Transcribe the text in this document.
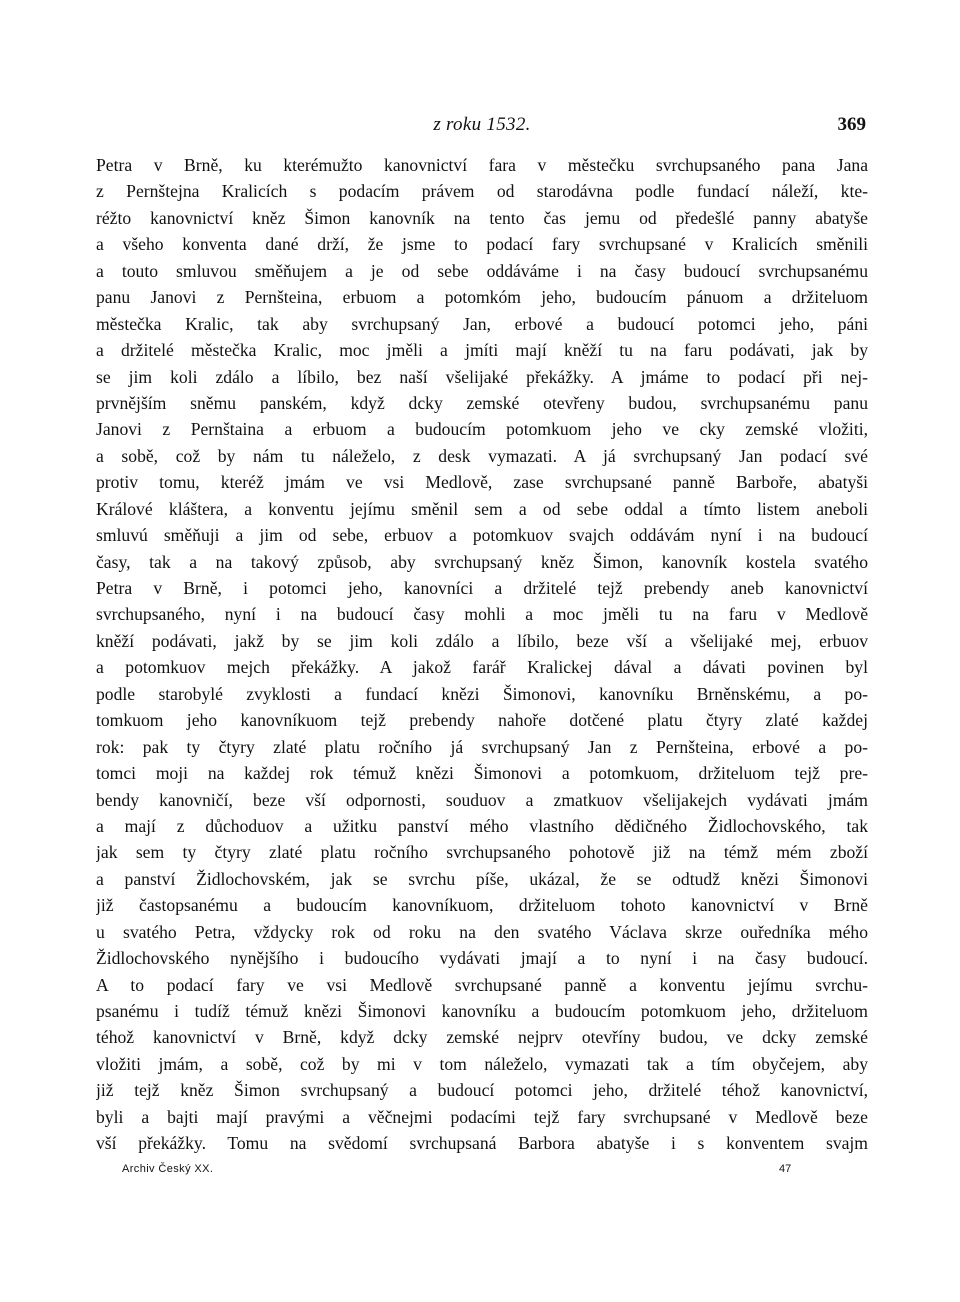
z roku 1532.	369
Petra v Brně, ku kterémužto kanovnictví fara v městečku svrchupsaného pana Jana
z Pernštejna Kralicích s podacím právem od starodávna podle fundací náleží, kte-
réžto kanovnictví kněz Šimon kanovník na tento čas jemu od předešlé panny abatyše
a všeho konventa dané drží, že jsme to podací fary svrchupsané v Kralicích směnili
a touto smluvou směňujem a je od sebe oddáváme i na časy budoucí svrchupsanému
panu Janovi z Pernšteina, erbuom a potomkóm jeho, budoucím pánuom a držiteluom
městečka Kralic, tak aby svrchupsaný Jan, erbové a budoucí potomci jeho, páni
a držitelé městečka Kralic, moc jměli a jmíti mají kněží tu na faru podávati, jak by
se jim koli zdálo a líbilo, bez naší všelijaké překážky. A jmáme to podací při nej-
prvnějším sněmu panském, když dcky zemské otevřeny budou, svrchupsanému panu
Janovi z Pernštaina a erbuom a budoucím potomkuom jeho ve cky zemské vložiti,
a sobě, což by nám tu náleželo, z desk vymazati. A já svrchupsaný Jan podací své
protiv tomu, kteréž jmám ve vsi Medlově, zase svrchupsané panně Barboře, abatyši
Králové kláštera, a konventu jejímu směnil sem a od sebe oddal a tímto listem aneboli
smluvú směňuji a jim od sebe, erbuov a potomkuov svajch oddávám nyní i na budoucí
časy, tak a na takový způsob, aby svrchupsaný kněz Šimon, kanovník kostela svatého
Petra v Brně, i potomci jeho, kanovníci a držitelé tejž prebendy aneb kanovnictví
svrchupsaného, nyní i na budoucí časy mohli a moc jměli tu na faru v Medlově
kněží podávati, jakž by se jim koli zdálo a líbilo, beze vší a všelijaké mej, erbuov
a potomkuov mejch překážky. A jakož farář Kralickej dával a dávati povinen byl
podle starobylé zvyklosti a fundací knězi Šimonovi, kanovníku Brněnskému, a po-
tomkuom jeho kanovníkuom tejž prebendy nahoře dotčené platu čtyry zlaté každej
rok: pak ty čtyry zlaté platu ročního já svrchupsaný Jan z Pernšteina, erbové a po-
tomci moji na každej rok témuž knězi Šimonovi a potomkuom, držiteluom tejž pre-
bendy kanovničí, beze vší odpornosti, souduov a zmatkuov všelijakejch vydávati jmám
a mají z důchoduov a užitku panství mého vlastního dědičného Židlochovského, tak
jak sem ty čtyry zlaté platu ročního svrchupsaného pohotově již na témž mém zboží
a panství Židlochovském, jak se svrchu píše, ukázal, že se odtudž knězi Šimonovi
již častopsanému a budoucím kanovníkuom, držiteluom tohoto kanovnictví v Brně
u svatého Petra, vždycky rok od roku na den svatého Václava skrze ouředníka mého
Židlochovského nynějšího i budoucího vydávati jmají a to nyní i na časy budoucí.
A to podací fary ve vsi Medlově svrchupsané panně a konventu jejímu svrchu-
psanému i tudíž témuž knězi Šimonovi kanovníku a budoucím potomkuom jeho, držiteluom
téhož kanovnictví v Brně, když dcky zemské nejprv otevříny budou, ve dcky zemské
vložiti jmám, a sobě, což by mi v tom náleželo, vymazati tak a tím obyčejem, aby
již tejž kněz Šimon svrchupsaný a budoucí potomci jeho, držitelé téhož kanovnictví,
byli a bajti mají pravými a věčnejmi podacími tejž fary svrchupsané v Medlově beze
vší překážky. Tomu na svědomí svrchupsaná Barbora abatyše i s konventem svajm
Archiv Český XX.	47
